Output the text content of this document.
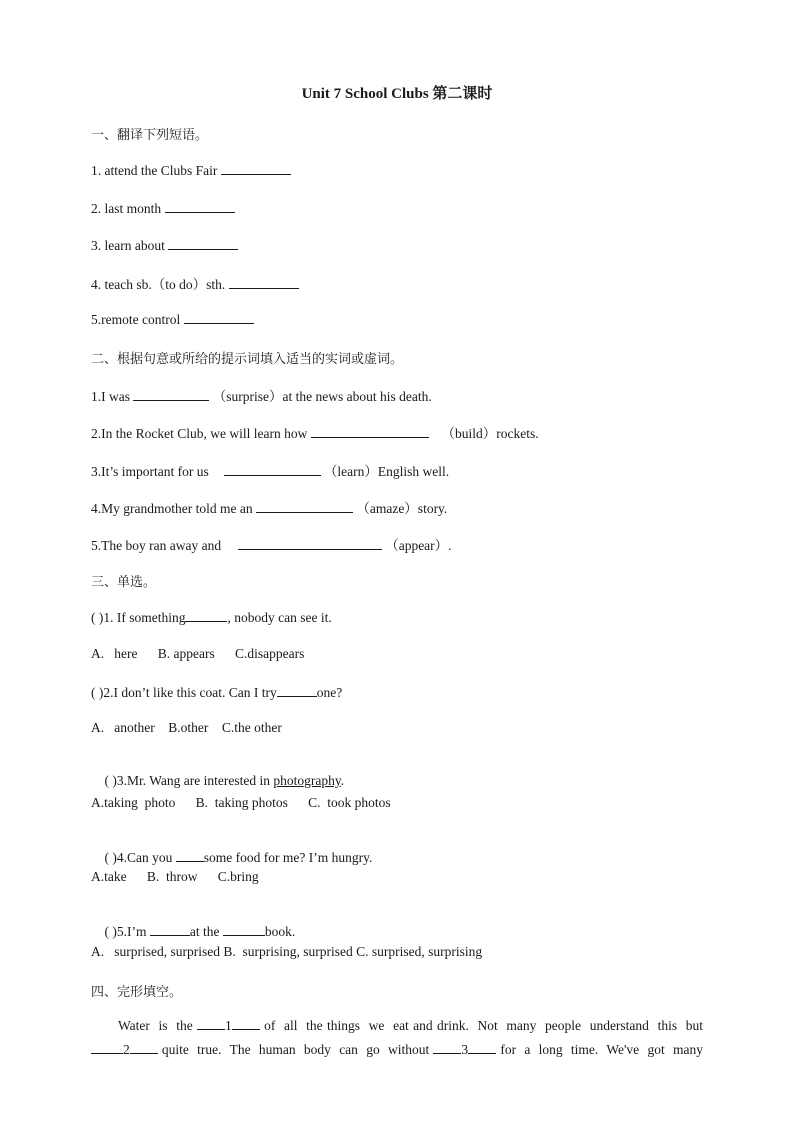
Unit 7 School Clubs 第二课时
一、翻译下列短语。
1. attend the Clubs Fair
2. last month
3. learn about
4. teach sb.（to do）sth.
5.remote control
二、根据句意或所给的提示词填入适当的实词或虚词。
1.I was	（surprise）at the news about his death.
2.In the Rocket Club, we will learn how	（build）rockets.
3.It’s important for us	（learn）English well.
4.My grandmother told me an	（amaze）story.
5.The boy ran away and	（appear）.
三、单选。
( )1. If something	, nobody can see it.
A.   here      B. appears      C.disappears
( )2.I don’t like this coat. Can I try	one?
A.   another    B.other    C.the other

( )3.Mr. Wang are interested in photography.

A.taking  photo      B.  taking photos      C.  took photos

( )4.Can you some food for me? I’m hungry.

A.take      B.  throw      C.bring

( )5.I’m	at the	book.

A.   surprised, surprised B.  surprising, surprised C. surprised, surprising
四、完形填空。
Water  is  the 1 of  all  the things  we  eat and drink.  Not  many  people  understand  this  but
2 quite  true.  The  human  body  can  go  without 3 for  a  long  time.  We've  got  many
